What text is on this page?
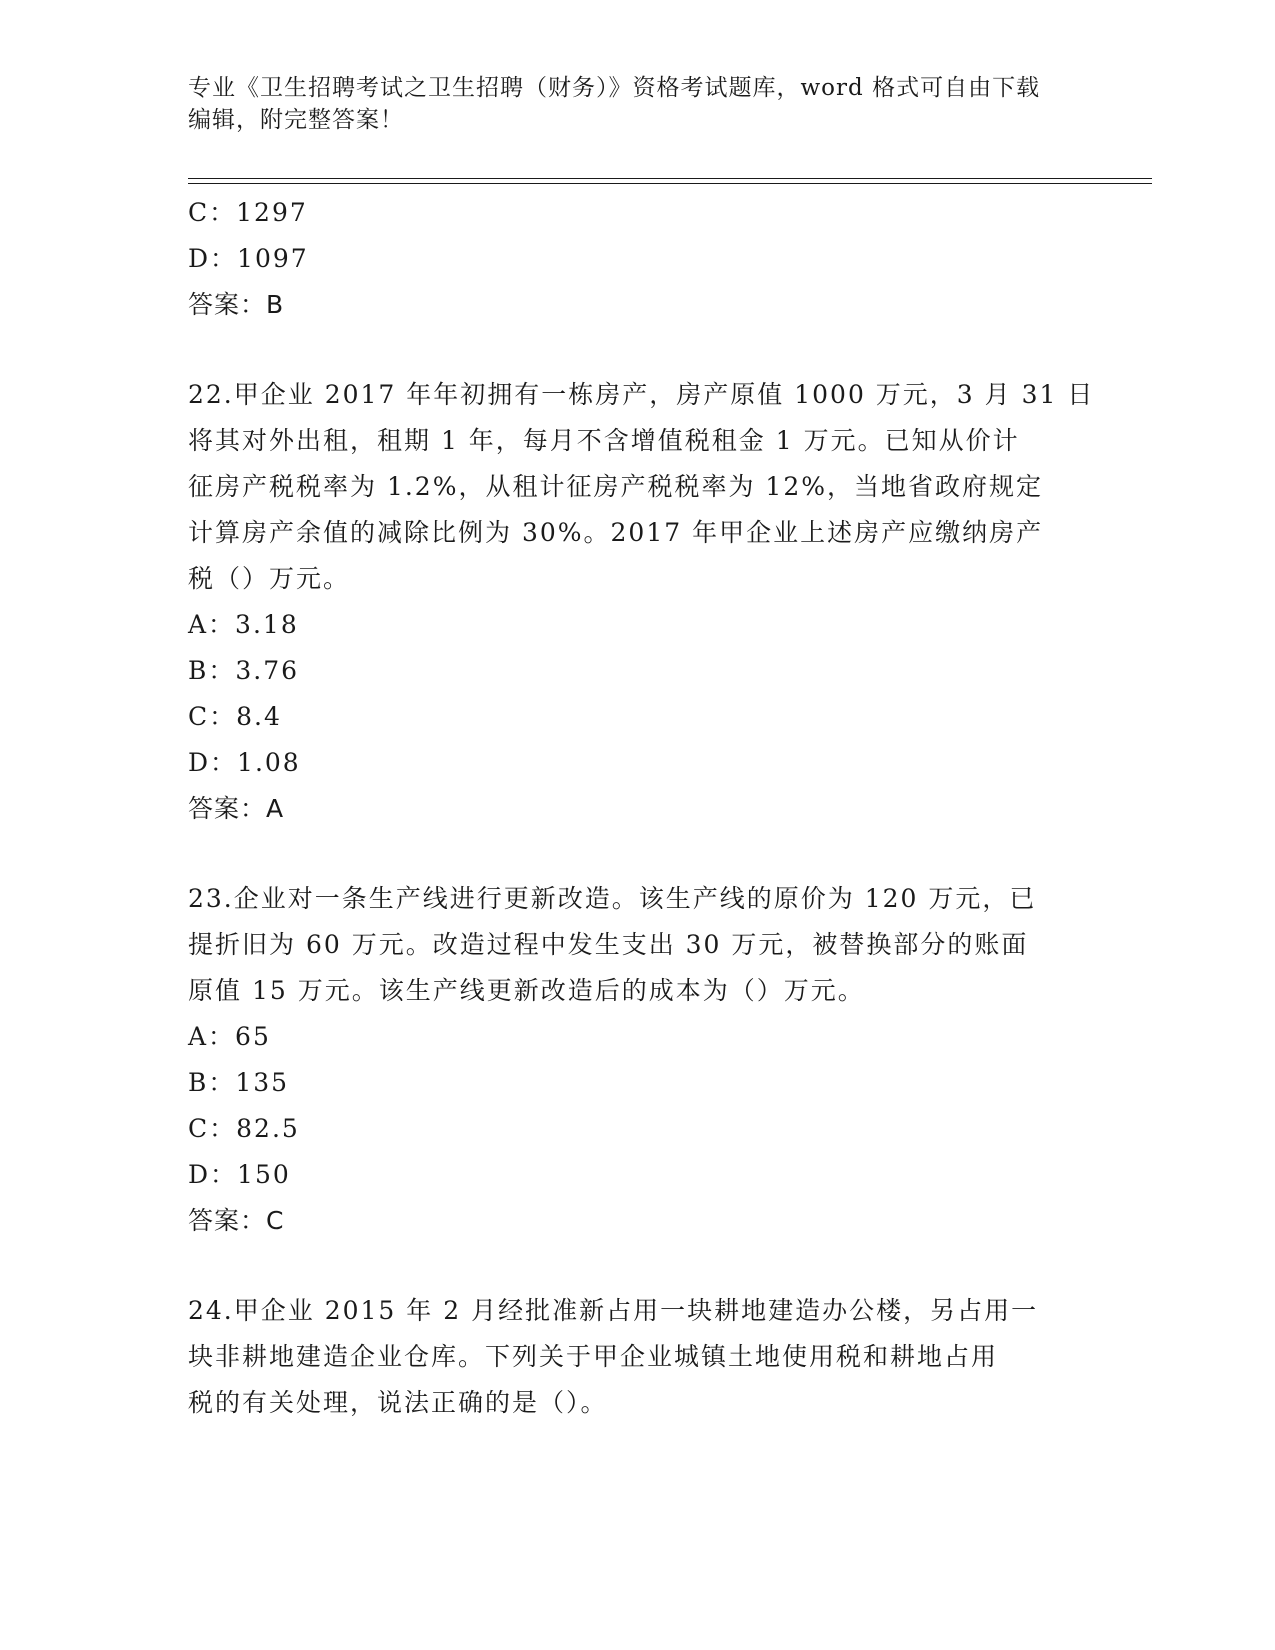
专业《卫生招聘考试之卫生招聘（财务）》资格考试题库，word 格式可自由下载
编辑，附完整答案！
C：1297
D：1097
答案：B
22.甲企业 2017 年年初拥有一栋房产，房产原值 1000 万元，3 月 31 日
将其对外出租，租期 1 年，每月不含增值税租金 1 万元。已知从价计
征房产税税率为 1.2%，从租计征房产税税率为 12%，当地省政府规定
计算房产余值的减除比例为 30%。2017 年甲企业上述房产应缴纳房产
税（）万元。
A：3.18
B：3.76
C：8.4
D：1.08
答案：A
23.企业对一条生产线进行更新改造。该生产线的原价为 120 万元，已
提折旧为 60 万元。改造过程中发生支出 30 万元，被替换部分的账面
原值 15 万元。该生产线更新改造后的成本为（）万元。
A：65
B：135
C：82.5
D：150
答案：C
24.甲企业 2015 年 2 月经批准新占用一块耕地建造办公楼，另占用一
块非耕地建造企业仓库。下列关于甲企业城镇土地使用税和耕地占用
税的有关处理，说法正确的是（）。
